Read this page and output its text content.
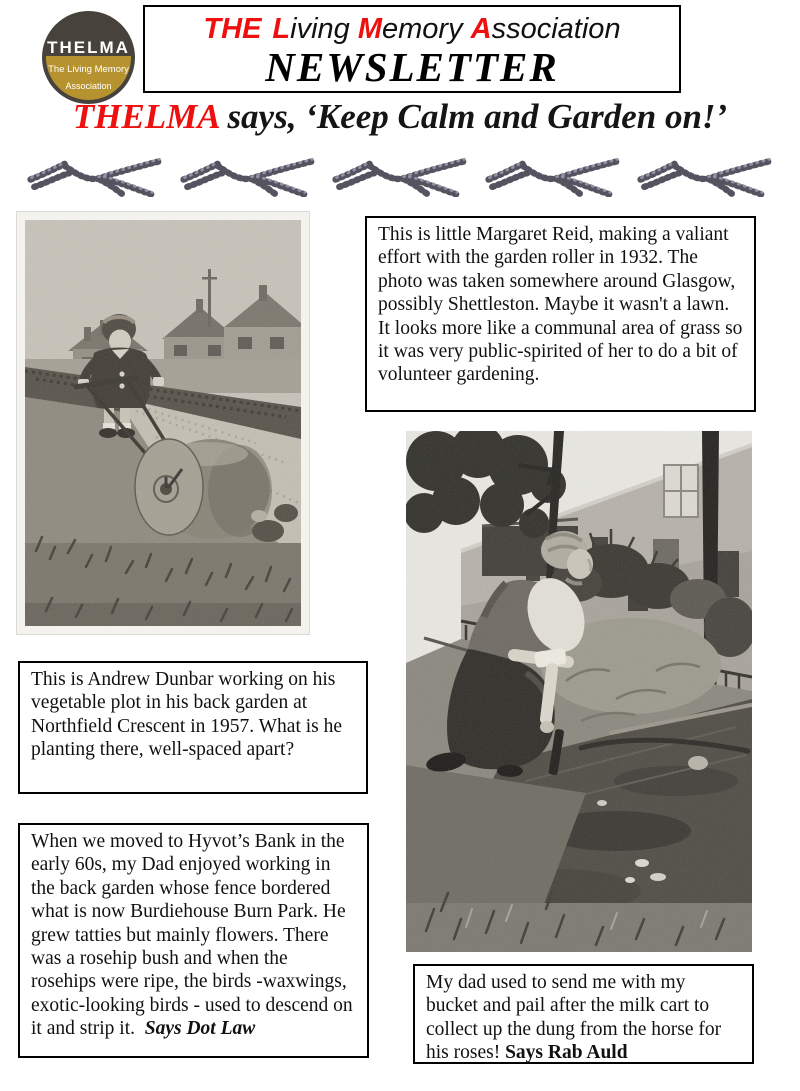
THELMA
The Living Memory
Association
THE Living Memory Association
NEWSLETTER
THELMA says, ‘Keep Calm and Garden on!’
This is little Margaret Reid, making a valiant effort with the garden roller in 1932. The photo was taken somewhere around Glasgow, possibly Shettleston. Maybe it wasn't a lawn. It looks more like a communal area of grass so it was very public-spirited of her to do a bit of volunteer gardening.
This is Andrew Dunbar working on his vegetable plot in his back garden at Northfield Crescent in 1957. What is he planting there, well-spaced apart?
When we moved to Hyvot’s Bank in the early 60s, my Dad enjoyed working in the back garden whose fence bordered what is now Burdiehouse Burn Park. He grew tatties but mainly flowers. There was a rosehip bush and when the rosehips were ripe, the birds -waxwings, exotic-looking birds - used to descend on it and strip it.  Says Dot Law
My dad used to send me with my bucket and pail after the milk cart to collect up the dung from the horse for his roses! Says Rab Auld
